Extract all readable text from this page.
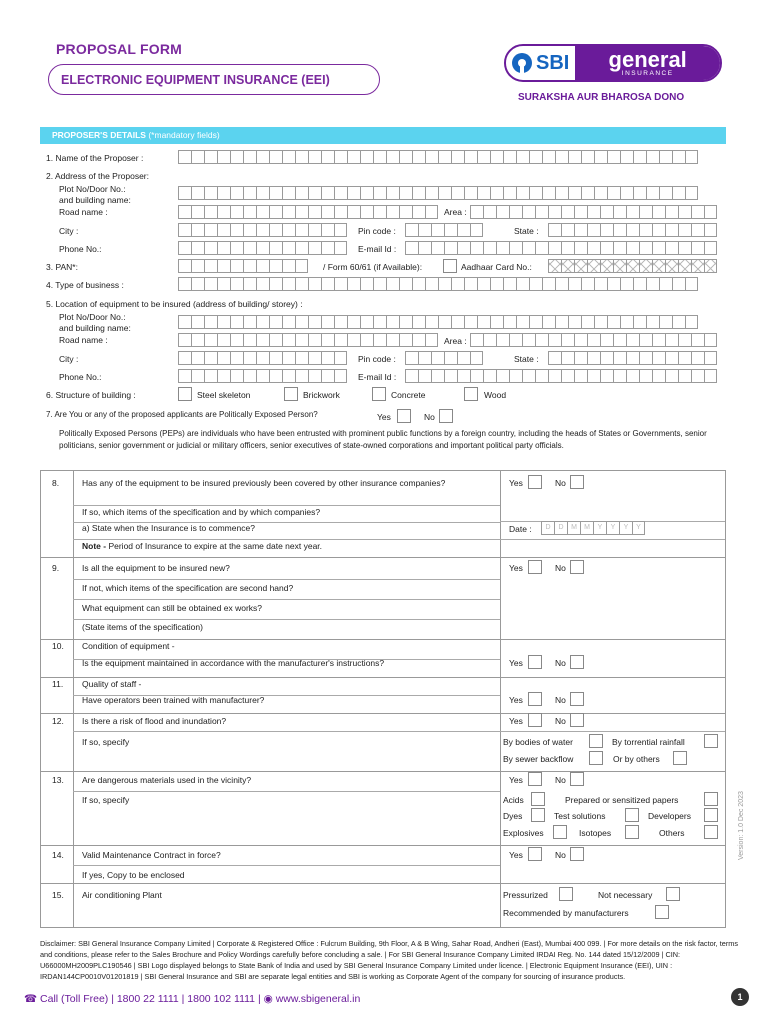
PROPOSAL FORM
ELECTRONIC EQUIPMENT INSURANCE (EEI)
SBI general
INSURANCE
SURAKSHA AUR BHAROSA DONO
PROPOSER'S DETAILS (*mandatory fields)
1. Name of the Proposer :
2. Address of the Proposer:
Plot No/Door No.:
and building name:
Road name :	Area :
City :	Pin code :	State :
Phone No.:	E-mail Id :
3. PAN*:	/ Form 60/61 (if Available):	Aadhaar Card No.:
4. Type of business :
5. Location of equipment to be insured (address of building/ storey) :
Plot No/Door No.:
and building name:
Road name :	Area :
City :	Pin code :	State :
Phone No.:	E-mail Id :
6. Structure of building :	Steel skeleton	Brickwork	Concrete	Wood
7. Are You or any of the proposed applicants are Politically Exposed Person?	Yes	No
Politically Exposed Persons (PEPs) are individuals who have been entrusted with prominent public functions by a foreign country, including the heads of States or Governments, senior politicians, senior government or judicial or military officers, senior executives of state-owned corporations and important political party officials.
8.	Has any of the equipment to be insured previously been covered by other insurance companies?	Yes	No
If so, which items of the specification and by which companies?
a) State when the Insurance is to commence?	Date :	D	D	M	M	Y	Y	Y	Y
Note - Period of Insurance to expire at the same date next year.
9.	Is all the equipment to be insured new?	Yes	No
If not, which items of the specification are second hand?
What equipment can still be obtained ex works?
(State items of the specification)
10. Condition of equipment -
Is the equipment maintained in accordance with the manufacturer's instructions?	Yes	No
11. Quality of staff -
Have operators been trained with manufacturer?	Yes	No
12. Is there a risk of flood and inundation?	Yes	No
If so, specify	By bodies of water	By torrential rainfall
By sewer backflow	Or by others
13. Are dangerous materials used in the vicinity?	Yes	No
If so, specify	Acids	Prepared or sensitized papers
Dyes	Test solutions	Developers
Explosives	Isotopes	Others
14. Valid Maintenance Contract in force?	Yes	No
If yes, Copy to be enclosed
15. Air conditioning Plant	Pressurized	Not necessary
Recommended by manufacturers
Version: 1.0 Dec 2023
Disclaimer: SBI General Insurance Company Limited | Corporate & Registered Office : Fulcrum Building, 9th Floor, A & B Wing, Sahar Road, Andheri (East), Mumbai 400 099. | For more details on the risk factor, terms and conditions, please refer to the Sales Brochure and Policy Wordings carefully before concluding a sale. | For SBI General Insurance Company Limited IRDAI Reg. No. 144 dated 15/12/2009 | CIN: U66000MH2009PLC190546 | SBI Logo displayed belongs to State Bank of India and used by SBI General Insurance Company Limited under licence. | Electronic Equipment Insurance (EEI), UIN : IRDAN144CP0010V01201819 | SBI General Insurance and SBI are separate legal entities and SBI is working as Corporate Agent of the company for sourcing of insurance products.
☎ Call (Toll Free) | 1800 22 1111 | 1800 102 1111 | ◉ www.sbigeneral.in	1
